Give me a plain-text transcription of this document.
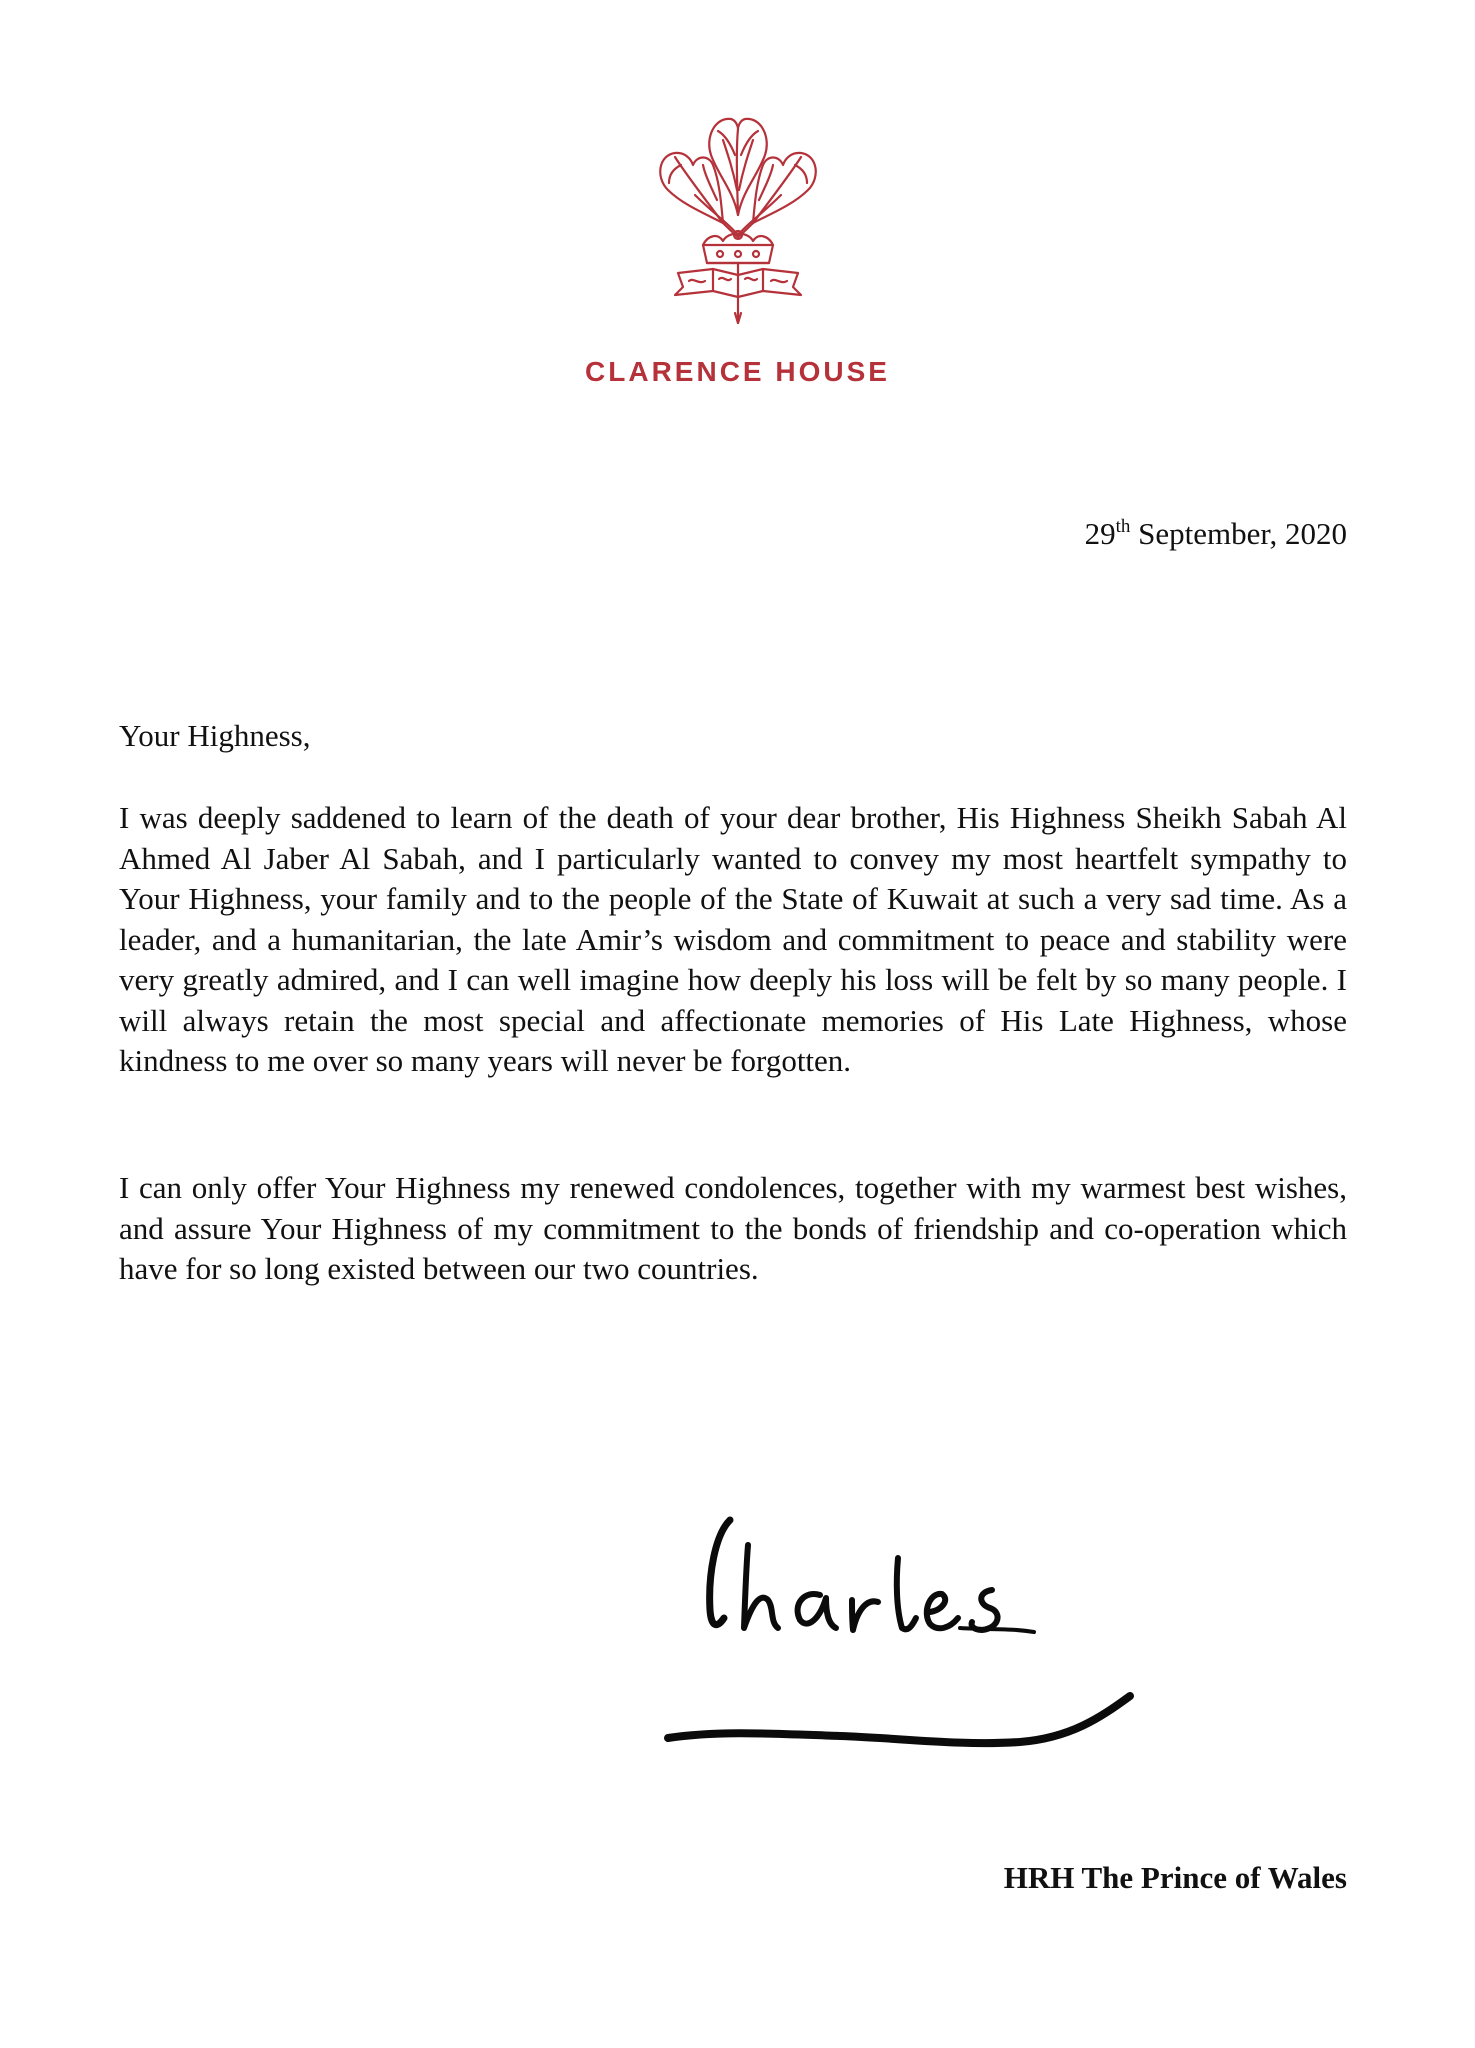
CLARENCE HOUSE
29th September, 2020
Your Highness,

I was deeply saddened to learn of the death of your dear brother, His Highness Sheikh Sabah Al Ahmed Al Jaber Al Sabah, and I particularly wanted to convey my most heartfelt sympathy to Your Highness, your family and to the people of the State of Kuwait at such a very sad time. As a leader, and a humanitarian, the late Amir’s wisdom and commitment to peace and stability were very greatly admired, and I can well imagine how deeply his loss will be felt by so many people. I will always retain the most special and affectionate memories of His Late Highness, whose kindness to me over so many years will never be forgotten.

I can only offer Your Highness my renewed condolences, together with my warmest best wishes, and assure Your Highness of my commitment to the bonds of friendship and co-operation which have for so long existed between our two countries.

HRH The Prince of Wales
